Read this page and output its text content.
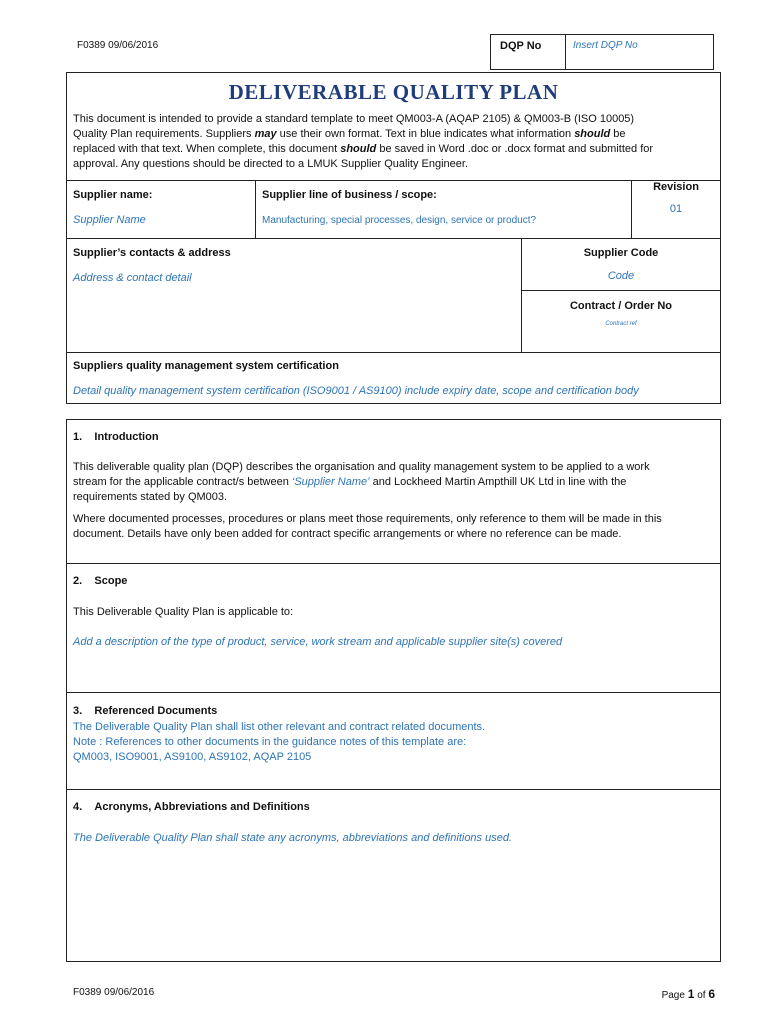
F0389 09/06/2016	DQP No	Insert DQP No
DELIVERABLE QUALITY PLAN
This document is intended to provide a standard template to meet QM003-A (AQAP 2105) & QM003-B (ISO 10005)
Quality Plan requirements. Suppliers may use their own format. Text in blue indicates what information should be
replaced with that text. When complete, this document should be saved in Word .doc or .docx format and submitted for
approval. Any questions should be directed to a LMUK Supplier Quality Engineer.
Supplier name:
Supplier Name
Supplier line of business / scope:
Manufacturing, special processes, design, service or product?
Revision
01
Supplier’s contacts & address
Address & contact detail
Supplier Code
Code
Contract / Order No
Contract ref
Suppliers quality management system certification
Detail quality management system certification (ISO9001 / AS9100) include expiry date, scope and certification body
1.    Introduction
This deliverable quality plan (DQP) describes the organisation and quality management system to be applied to a work
stream for the applicable contract/s between ‘Supplier Name’ and Lockheed Martin Ampthill UK Ltd in line with the
requirements stated by QM003.
Where documented processes, procedures or plans meet those requirements, only reference to them will be made in this
document. Details have only been added for contract specific arrangements or where no reference can be made.
2.    Scope
This Deliverable Quality Plan is applicable to:
Add a description of the type of product, service, work stream and applicable supplier site(s) covered
3.    Referenced Documents
The Deliverable Quality Plan shall list other relevant and contract related documents.
Note : References to other documents in the guidance notes of this template are:
QM003, ISO9001, AS9100, AS9102, AQAP 2105
4.    Acronyms, Abbreviations and Definitions
The Deliverable Quality Plan shall state any acronyms, abbreviations and definitions used.
F0389 09/06/2016	Page 1 of 6
